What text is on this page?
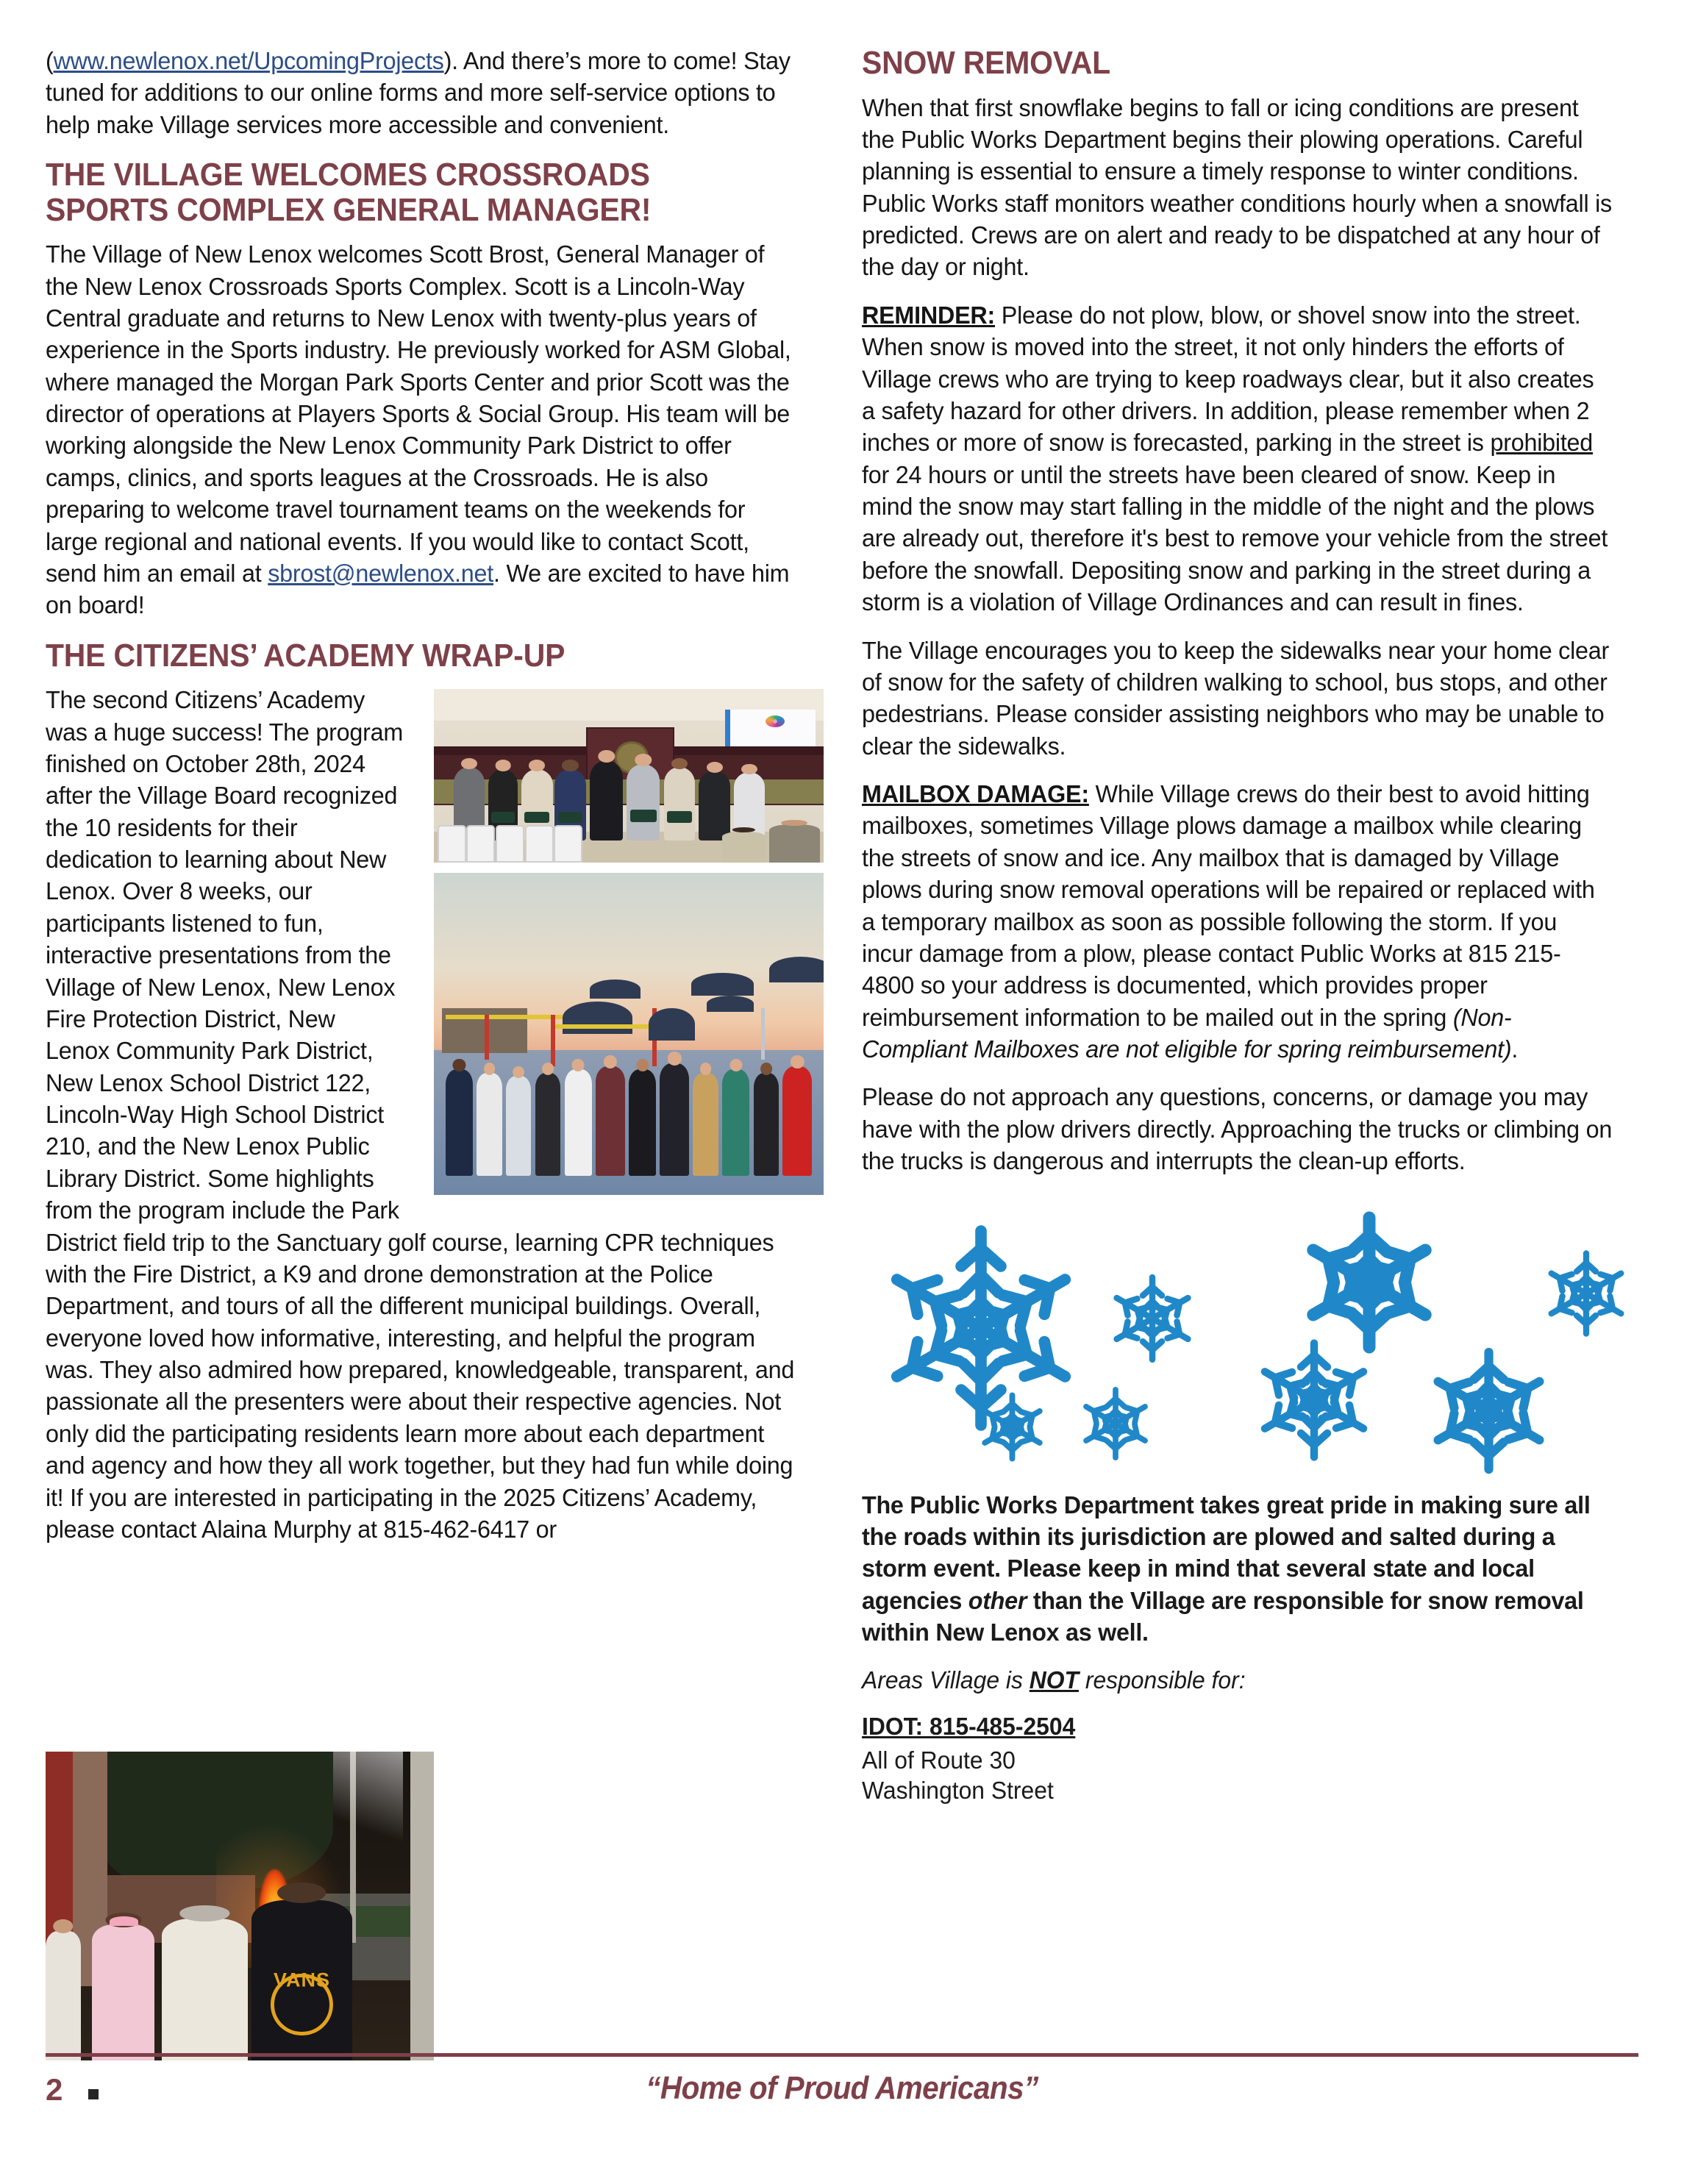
(www.newlenox.net/UpcomingProjects). And there’s more to come! Stay tuned for additions to our online forms and more self-service options to help make Village services more accessible and convenient.

THE VILLAGE WELCOMES CROSSROADS SPORTS COMPLEX GENERAL MANAGER!

The Village of New Lenox welcomes Scott Brost, General Manager of the New Lenox Crossroads Sports Complex. Scott is a Lincoln-Way Central graduate and returns to New Lenox with twenty-plus years of experience in the Sports industry. He previously worked for ASM Global, where managed the Morgan Park Sports Center and prior Scott was the director of operations at Players Sports & Social Group. His team will be working alongside the New Lenox Community Park District to offer camps, clinics, and sports leagues at the Crossroads. He is also preparing to welcome travel tournament teams on the weekends for large regional and national events. If you would like to contact Scott, send him an email at sbrost@newlenox.net. We are excited to have him on board!

THE CITIZENS’ ACADEMY WRAP-UP

The second Citizens’ Academy was a huge success! The program finished on October 28th, 2024 after the Village Board recognized the 10 residents for their dedication to learning about New Lenox. Over 8 weeks, our participants listened to fun, interactive presentations from the Village of New Lenox, New Lenox Fire Protection District, New Lenox Community Park District, New Lenox School District 122, Lincoln-Way High School District 210, and the New Lenox Public Library District. Some highlights from the program include the Park District field trip to the Sanctuary golf course, learning CPR techniques with the Fire District, a K9 and drone demonstration at the Police Department, and tours of all the different municipal buildings. Overall, everyone loved how informative, interesting, and helpful the program was. They also admired how prepared, knowledgeable, transparent, and passionate all the presenters were about their respective agencies. Not only did the participating residents learn more about each department and agency and how they all work together, but they had fun while doing it! If you are interested in participating in the 2025 Citizens’ Academy, please contact Alaina Murphy at 815-462-6417 or

SNOW REMOVAL

When that first snowflake begins to fall or icing conditions are present the Public Works Department begins their plowing operations. Careful planning is essential to ensure a timely response to winter conditions. Public Works staff monitors weather conditions hourly when a snowfall is predicted. Crews are on alert and ready to be dispatched at any hour of the day or night.

REMINDER: Please do not plow, blow, or shovel snow into the street. When snow is moved into the street, it not only hinders the efforts of Village crews who are trying to keep roadways clear, but it also creates a safety hazard for other drivers. In addition, please remember when 2 inches or more of snow is forecasted, parking in the street is prohibited for 24 hours or until the streets have been cleared of snow. Keep in mind the snow may start falling in the middle of the night and the plows are already out, therefore it's best to remove your vehicle from the street before the snowfall. Depositing snow and parking in the street during a storm is a violation of Village Ordinances and can result in fines.

The Village encourages you to keep the sidewalks near your home clear of snow for the safety of children walking to school, bus stops, and other pedestrians. Please consider assisting neighbors who may be unable to clear the sidewalks.

MAILBOX DAMAGE: While Village crews do their best to avoid hitting mailboxes, sometimes Village plows damage a mailbox while clearing the streets of snow and ice. Any mailbox that is damaged by Village plows during snow removal operations will be repaired or replaced with a temporary mailbox as soon as possible following the storm. If you incur damage from a plow, please contact Public Works at 815 215-4800 so your address is documented, which provides proper reimbursement information to be mailed out in the spring (Non-Compliant Mailboxes are not eligible for spring reimbursement).

Please do not approach any questions, concerns, or damage you may have with the plow drivers directly. Approaching the trucks or climbing on the trucks is dangerous and interrupts the clean-up efforts.

The Public Works Department takes great pride in making sure all the roads within its jurisdiction are plowed and salted during a storm event. Please keep in mind that several state and local agencies other than the Village are responsible for snow removal within New Lenox as well.

Areas Village is NOT responsible for:

IDOT: 815-485-2504

All of Route 30

Washington Street

VANS
2	“Home of Proud Americans”
